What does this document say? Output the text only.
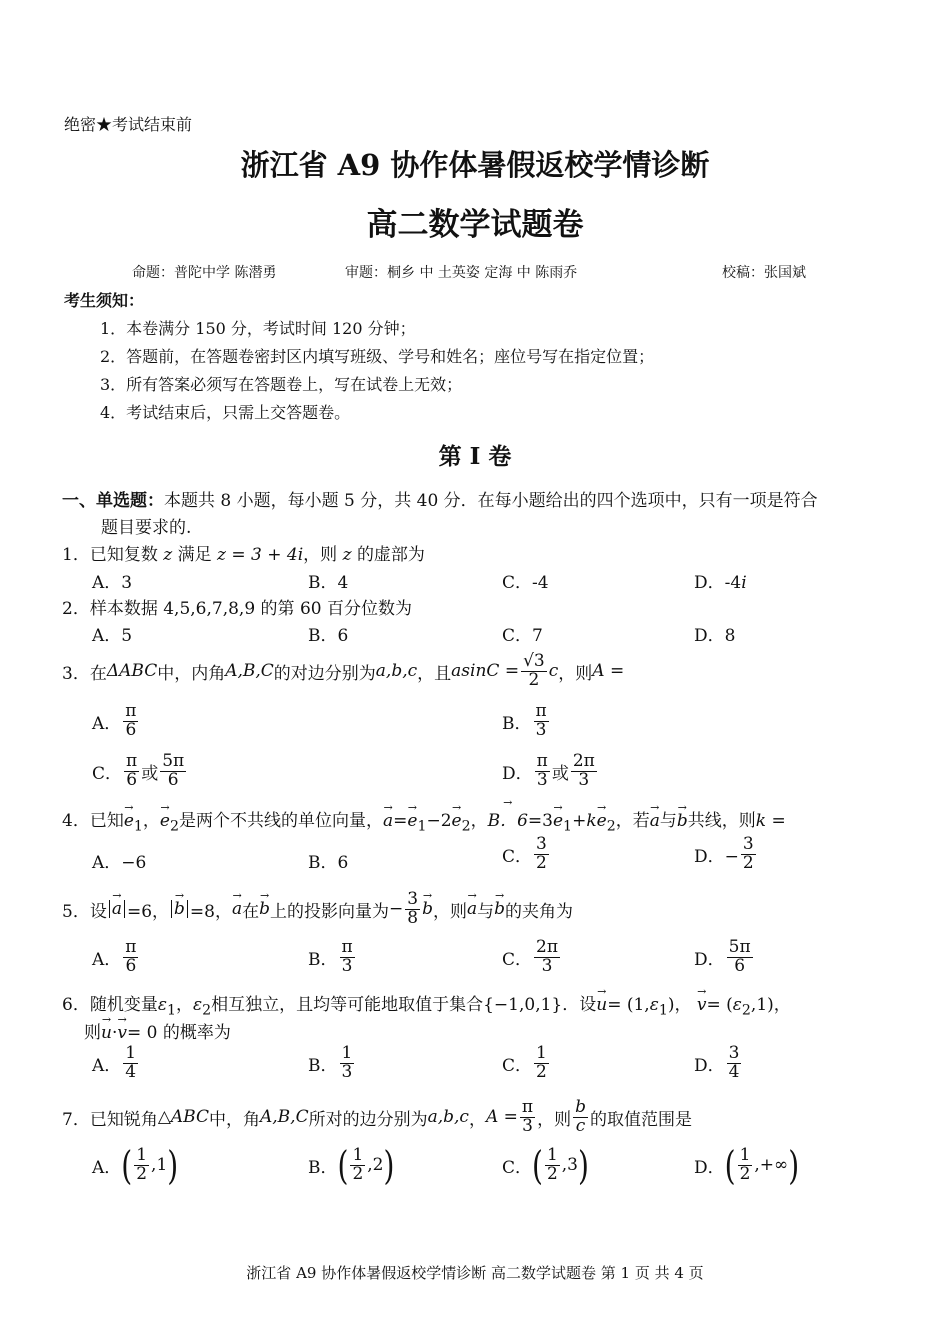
绝密★考试结束前
浙江省 A9 协作体暑假返校学情诊断
高二数学试题卷
命题：普陀中学 陈潜勇	审题：桐乡 中 土英姿 定海 中 陈雨乔	校稿：张国斌
考生须知：
1．本卷满分 150 分，考试时间 120 分钟；
2．答题前，在答题卷密封区内填写班级、学号和姓名；座位号写在指定位置；
3．所有答案必须写在答题卷上，写在试卷上无效；
4．考试结束后，只需上交答题卷。
第 I 卷
一、单选题：本题共 8 小题，每小题 5 分，共 40 分．在每小题给出的四个选项中，只有一项是符合
题目要求的.
1．已知复数 z 满足 z = 3 + 4i，则 z 的虚部为
A．3	B．4	C．-4	D．-4i
2．样本数据 4,5,6,7,8,9 的第 60 百分位数为
A．5	B．6	C．7	D．8
3． 在 ΔABC 中，内角 A,B,C 的对边分别为 a,b,c ，且 a $\sin C = \frac{√3}{2}$ c ，则 A
=
A． $\frac{\pi}{6}$	B． $\frac{\pi}{3}$
C． $\frac{\pi}{6}$ 或 $\frac{5\pi}{6}$	D． $\frac{\pi}{3}$ 或 $\frac{2\pi}{3}$
4．已知→ $e_1$，→ $e_2$是两个不共线的单位向量，→ $a=\to e_1-2\to e_2$，→ B．$6=3\to e_1+k\to e_2$，若→ a与→ b共线，则k =
A．−6	B．6	C． $\frac{3}{2}$	D．− $\frac{3}{2}$
5． 设
→ a =6，
→ b =8，
→ a 在
→ b 上的投影向量为 − $\frac{3}{8}$
→ b ，则
→ a 与
→ b 的夹角为
A． $\frac{\pi}{6}$	B． $\frac{\pi}{3}$	C． $\frac{2\pi}{3}$	D． $\frac{5\pi}{6}$
6．随机变量$\varepsilon_1$，$\varepsilon_2$相互独立，且均等可能地取值于集合{−1,0,1}．设→ $u= (1,\varepsilon_1)$， → $v= (\varepsilon_2,1)$，
则→ u·→ v= 0 的概率为
A． $\frac{1}{4}$	B． $\frac{1}{3}$	C． $\frac{1}{2}$	D． $\frac{3}{4}$
7． 已知锐角 △ABC 中，角 A,B,C 所对的边分别为 a,b,c ， $A = \frac{\pi}{3}$ ，则 $\frac{b}{c}$ 的取值范围是
A． ( $\frac{1}{2} ,1$ )	B． ( $\frac{1}{2} ,2$ )	C． ( $\frac{1}{2} ,3$ )	D． ( $\frac{1}{2}$ ,+∞ )
浙江省 A9 协作体暑假返校学情诊断 高二数学试题卷 第 1 页 共 4 页
